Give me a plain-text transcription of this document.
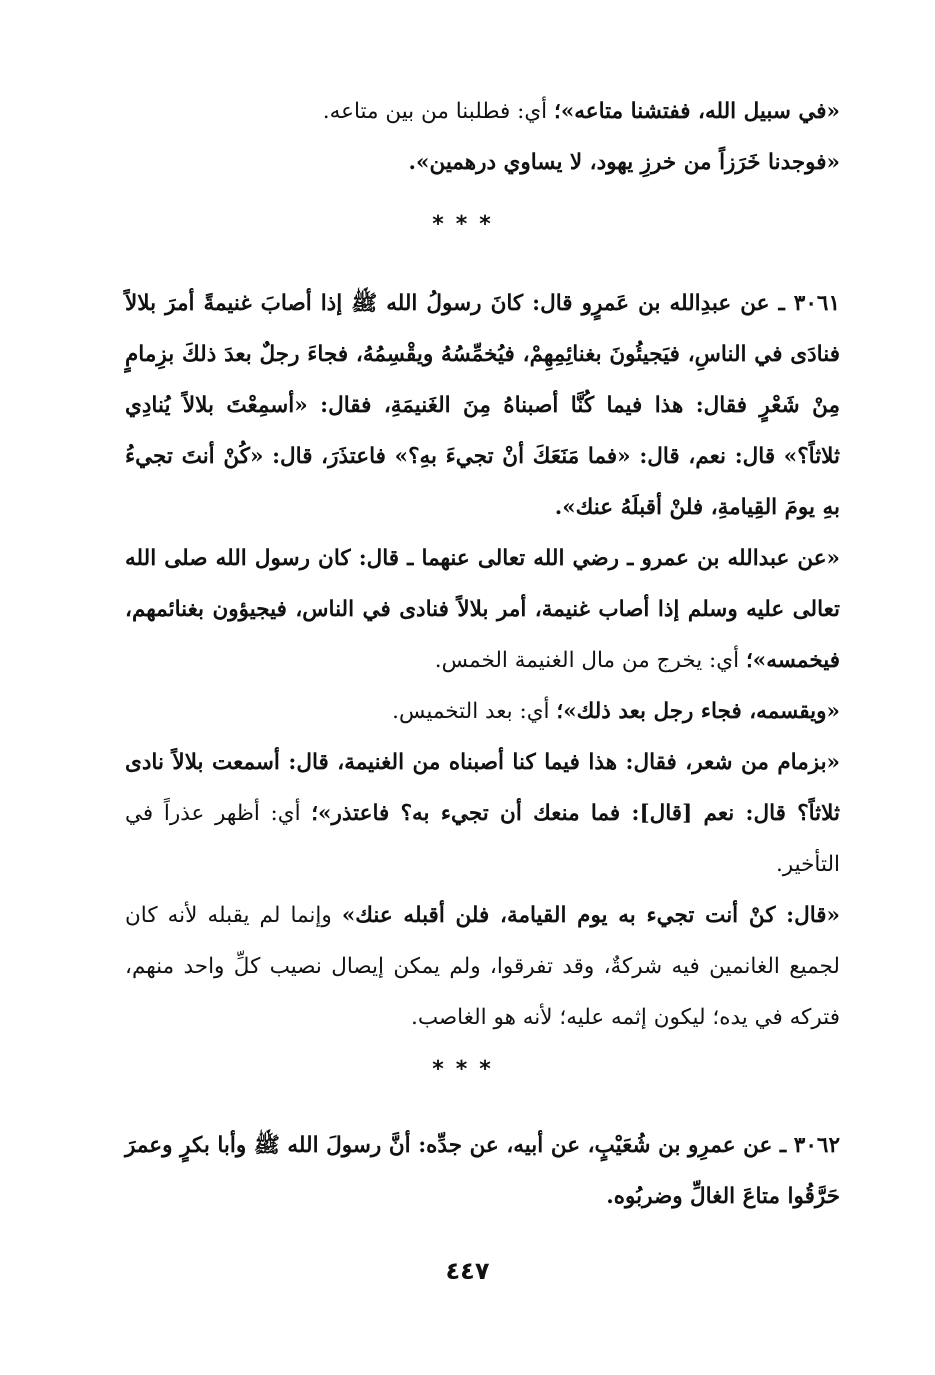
«في سبيل الله، ففتشنا متاعه»؛ أي: فطلبنا من بين متاعه.
«فوجدنا خَرَزاً من خرزِ يهود، لا يساوي درهمين».
***
٣٠٦١ ـ عن عبدِالله بن عَمرٍو قال: كانَ رسولُ الله ﷺ إذا أصابَ غنيمةً أمرَ بلالاً فنادَى في الناسِ، فيَجيئُونَ بغنائِمِهِمْ، فيُخمِّسُهُ ويقْسِمُهُ، فجاءَ رجلٌ بعدَ ذلكَ بزِمامٍ مِنْ شَعْرٍ فقال: هذا فيما كُنَّا أصبناهُ مِنَ الغَنيمَةِ، فقال: «أسمِعْتَ بلالاً يُنادِي ثلاثاً؟» قال: نعم، قال: «فما مَنَعَكَ أنْ تجيءَ بهِ؟» فاعتذَرَ، قال: «كُنْ أنتَ تجيءُ بهِ يومَ القِيامةِ، فلنْ أقبلَهُ عنك».
«عن عبدالله بن عمرو ـ رضي الله تعالى عنهما ـ قال: كان رسول الله صلى الله تعالى عليه وسلم إذا أصاب غنيمة، أمر بلالاً فنادى في الناس، فيجيؤون بغنائمهم، فيخمسه»؛ أي: يخرج من مال الغنيمة الخمس.
«ويقسمه، فجاء رجل بعد ذلك»؛ أي: بعد التخميس.
«بزمام من شعر، فقال: هذا فيما كنا أصبناه من الغنيمة، قال: أسمعت بلالاً نادى ثلاثاً؟ قال: نعم [قال]: فما منعك أن تجيء به؟ فاعتذر»؛ أي: أظهر عذراً في التأخير.
«قال: كنْ أنت تجيء به يوم القيامة، فلن أقبله عنك» وإنما لم يقبله لأنه كان لجميع الغانمين فيه شركةٌ، وقد تفرقوا، ولم يمكن إيصال نصيب كلِّ واحد منهم، فتركه في يده؛ ليكون إثمه عليه؛ لأنه هو الغاصب.
***
٣٠٦٢ ـ عن عمرِو بن شُعَيْبٍ، عن أبيه، عن جدِّه: أنَّ رسولَ الله ﷺ وأبا بكرٍ وعمرَ حَرَّقُوا متاعَ الغالِّ وضربُوه.
٤٤٧
